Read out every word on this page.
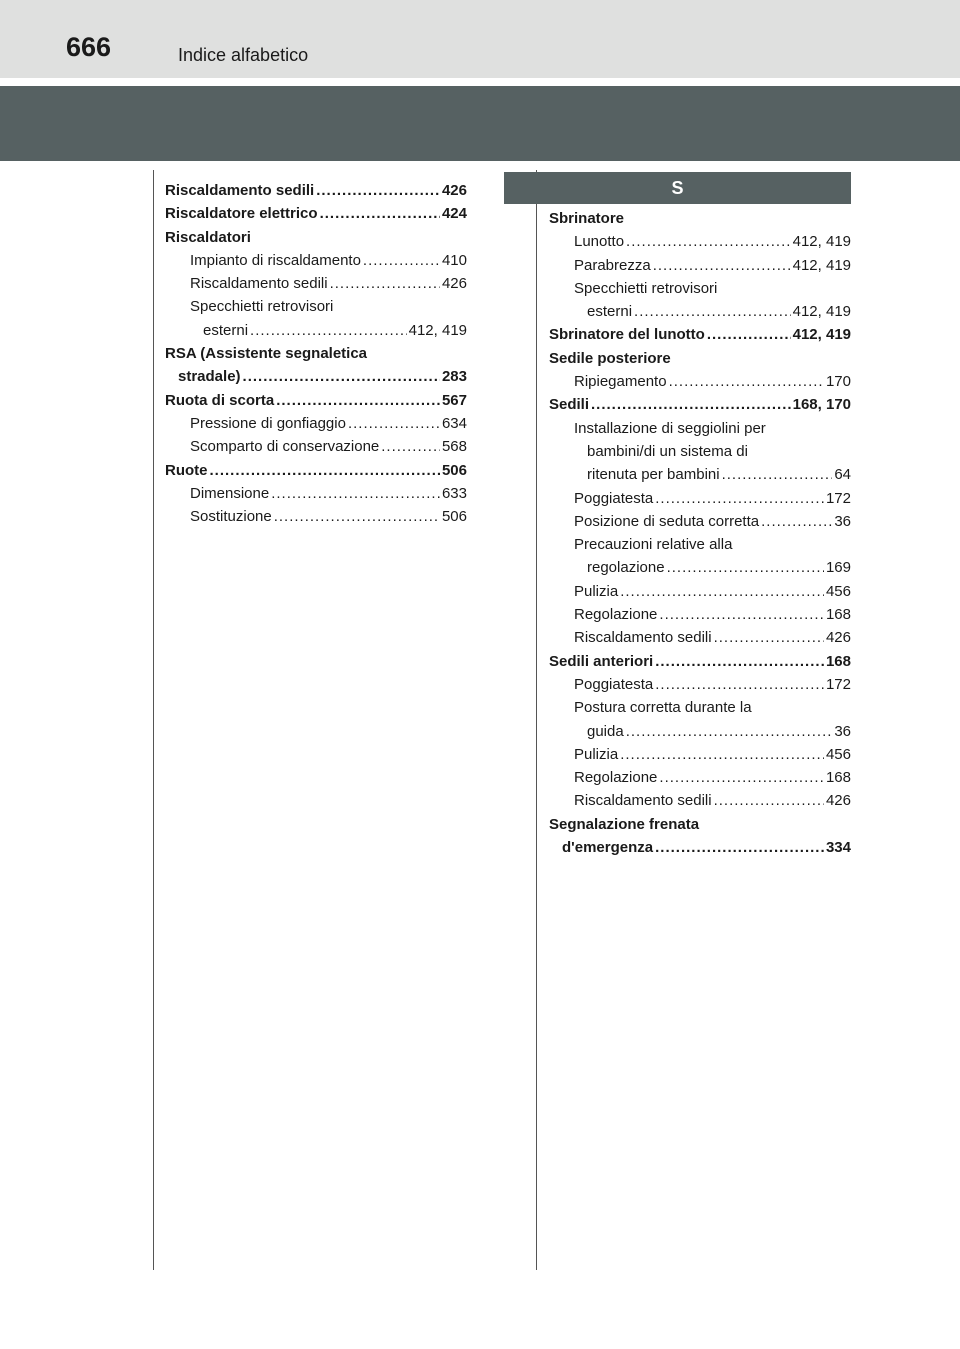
666	Indice alfabetico
Riscaldamento sedili .....	426
Riscaldatore elettrico .....	424
Riscaldatori
Impianto di riscaldamento .....	410
Riscaldamento sedili .....	426
Specchietti retrovisori
esterni .....	412, 419
RSA (Assistente segnaletica
stradale) .....	283
Ruota di scorta .....	567
Pressione di gonfiaggio .....	634
Scomparto di conservazione .....	568
Ruote .....	506
Dimensione .....	633
Sostituzione .....	506
S
Sbrinatore
Lunotto .....	412, 419
Parabrezza .....	412, 419
Specchietti retrovisori
esterni .....	412, 419
Sbrinatore del lunotto .....	412, 419
Sedile posteriore
Ripiegamento .....	170
Sedili .....	168, 170
Installazione di seggiolini per
bambini/di un sistema di
ritenuta per bambini .....	64
Poggiatesta .....	172
Posizione di seduta corretta .....	36
Precauzioni relative alla
regolazione .....	169
Pulizia .....	456
Regolazione .....	168
Riscaldamento sedili .....	426
Sedili anteriori .....	168
Poggiatesta .....	172
Postura corretta durante la
guida .....	36
Pulizia .....	456
Regolazione .....	168
Riscaldamento sedili .....	426
Segnalazione frenata
d'emergenza .....	334
